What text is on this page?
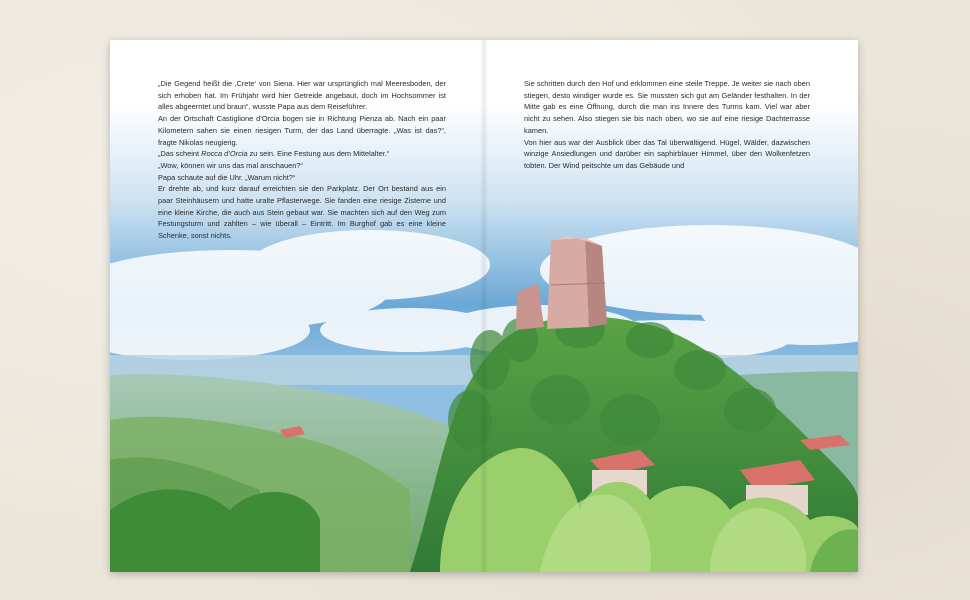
„Die Gegend heißt die ‚Crete‘ von Siena. Hier war ursprünglich mal Meeresboden, der sich erhoben hat. Im Frühjahr wird hier Getreide angebaut, doch im Hochsommer ist alles abgeerntet und braun“, wusste Papa aus dem Reiseführer.

An der Ortschaft Castiglione d’Orcia bogen sie in Richtung Pienza ab. Nach ein paar Kilometern sahen sie einen riesigen Turm, der das Land überragte. „Was ist das?“, fragte Nikolas neugierig.

„Das scheint Rocca d’Orcia zu sein. Eine Festung aus dem Mittelalter.“

„Wow, können wir uns das mal anschauen?“

Papa schaute auf die Uhr. „Warum nicht?“

Er drehte ab, und kurz darauf erreichten sie den Parkplatz. Der Ort bestand aus ein paar Steinhäusern und hatte uralte Pflasterwege. Sie fanden eine riesige Zisterne und eine kleine Kirche, die auch aus Stein gebaut war. Sie machten sich auf den Weg zum Festungsturm und zahlten – wie überall – Eintritt. Im Burghof gab es eine kleine Schenke, sonst nichts.

Sie schritten durch den Hof und erklommen eine steile Treppe. Je weiter sie nach oben stiegen, desto windiger wurde es. Sie mussten sich gut am Geländer festhalten. In der Mitte gab es eine Öffnung, durch die man ins Innere des Turms kam. Viel war aber nicht zu sehen. Also stiegen sie bis nach oben, wo sie auf eine riesige Dachterrasse kamen.

Von hier aus war der Ausblick über das Tal überwältigend. Hügel, Wälder, dazwischen winzige Ansiedlungen und darüber ein saphirblauer Himmel, über den Wolkenfetzen tobten. Der Wind peitschte um das Gebäude und
